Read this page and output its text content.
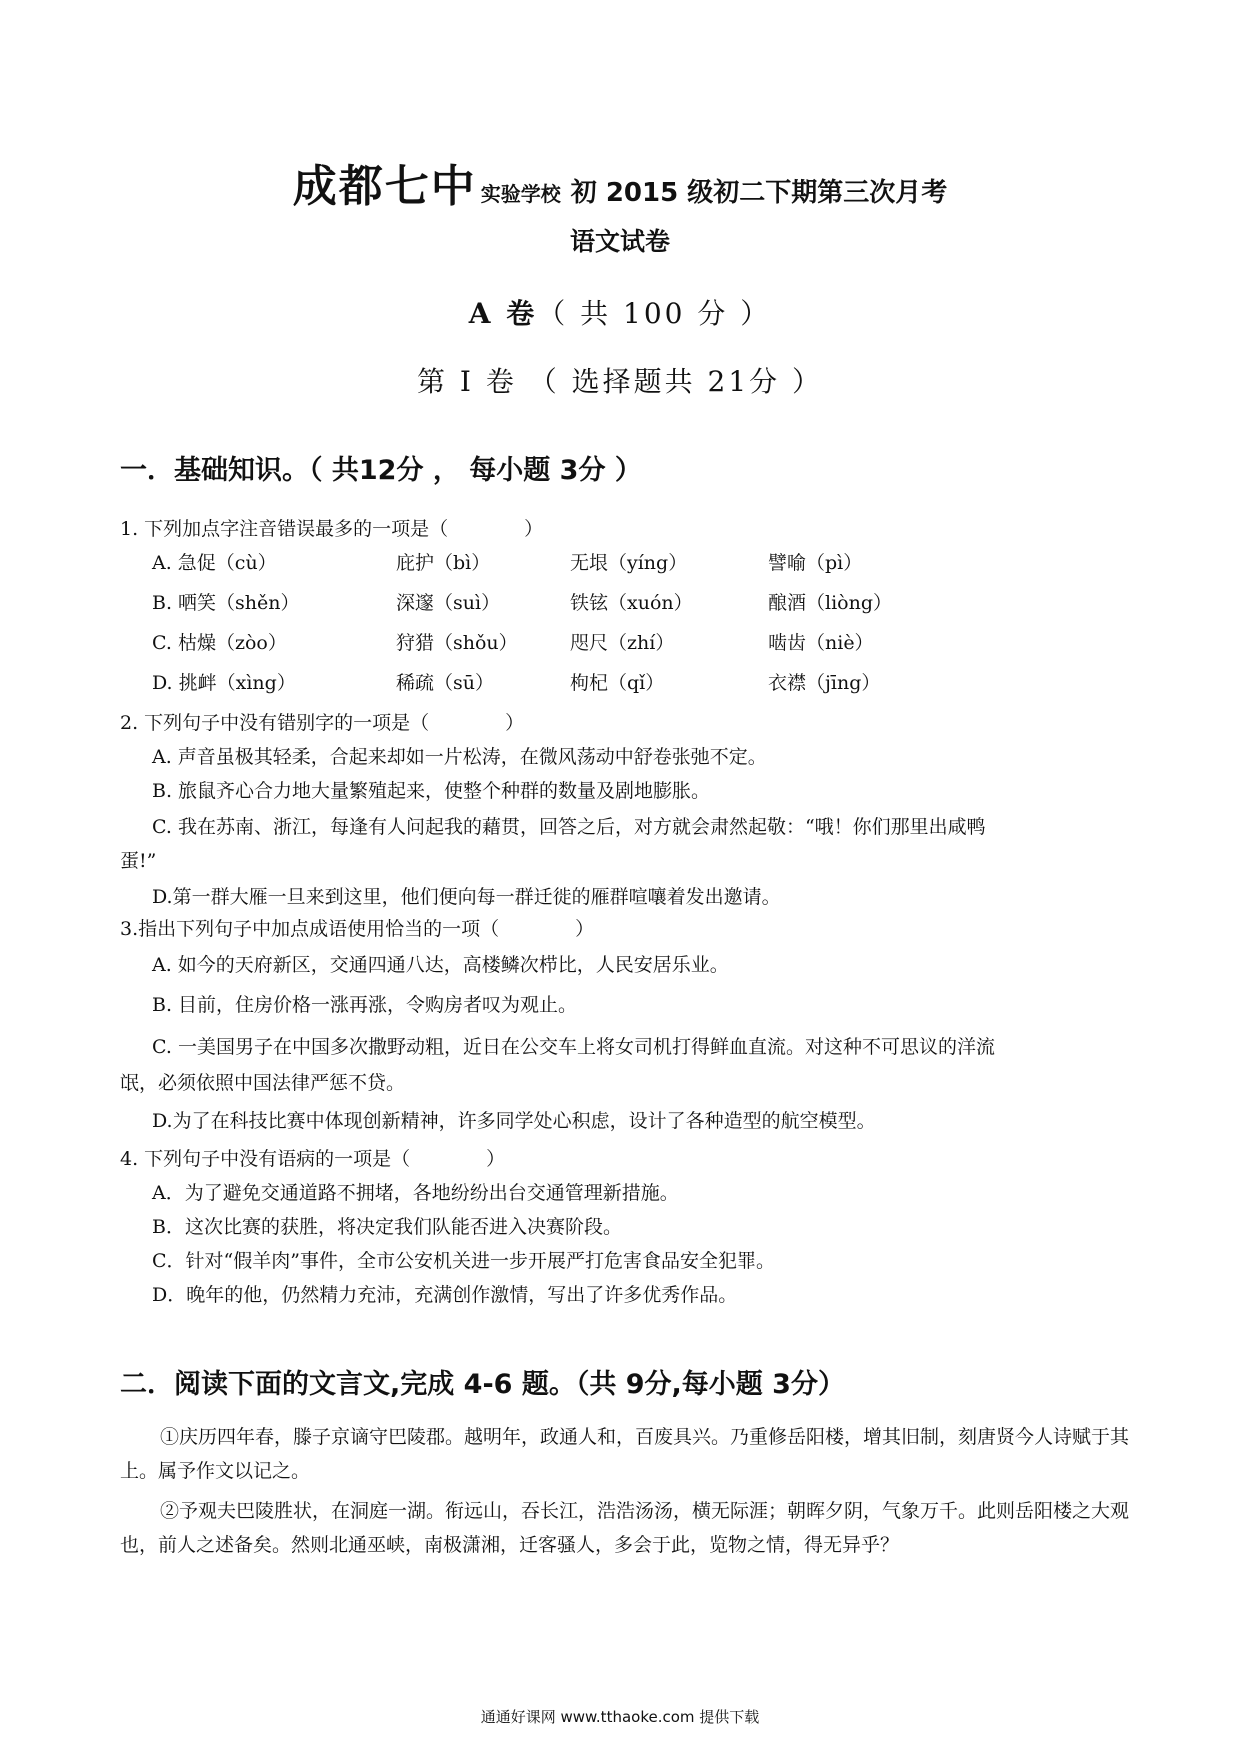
成都七中 实验学校 初 2015 级初二下期第三次月考
语文试卷
A 卷（ 共 100 分 ）
第 I 卷 （ 选择题共 21分 ）
一．基础知识。（ 共12分 ， 每小题 3分 ）
1. 下列加点字注音错误最多的一项是（　　　　）
A. 急促（cù）	庇护（bì）	无垠（yíng）	譬喻（pì）
B. 哂笑（shěn）	深邃（suì）	铁铉（xuón）	酿酒（liòng）
C. 枯燥（zòo）	狩猎（shǒu）	咫尺（zhí）	啮齿（niè）
D. 挑衅（xìng）	稀疏（sū）	枸杞（qǐ）	衣襟（jīng）
2. 下列句子中没有错别字的一项是（　　　　）
A. 声音虽极其轻柔，合起来却如一片松涛，在微风荡动中舒卷张弛不定。
B. 旅鼠齐心合力地大量繁殖起来，使整个种群的数量及剧地膨胀。
C. 我在苏南、浙江，每逢有人问起我的藉贯，回答之后，对方就会肃然起敬：“哦！你们那里出咸鸭
蛋!”
D.第一群大雁一旦来到这里，他们便向每一群迁徙的雁群喧嚷着发出邀请。
3.指出下列句子中加点成语使用恰当的一项（　　　　）
A. 如今的天府新区，交通四通八达，高楼鳞次栉比，人民安居乐业。
B. 目前，住房价格一涨再涨，令购房者叹为观止。
C. 一美国男子在中国多次撒野动粗，近日在公交车上将女司机打得鲜血直流。对这种不可思议的洋流
氓，必须依照中国法律严惩不贷。
D.为了在科技比赛中体现创新精神，许多同学处心积虑，设计了各种造型的航空模型。
4. 下列句子中没有语病的一项是（　　　　）
A．为了避免交通道路不拥堵，各地纷纷出台交通管理新措施。
B．这次比赛的获胜，将决定我们队能否进入决赛阶段。
C．针对“假羊肉”事件，全市公安机关进一步开展严打危害食品安全犯罪。
D．晚年的他，仍然精力充沛，充满创作激情，写出了许多优秀作品。
二．阅读下面的文言文,完成 4-6 题。（共 9分,每小题 3分）
①庆历四年春，滕子京谪守巴陵郡。越明年，政通人和，百废具兴。乃重修岳阳楼，增其旧制，刻唐贤今人诗赋于其上。属予作文以记之。
②予观夫巴陵胜状，在洞庭一湖。衔远山，吞长江，浩浩汤汤，横无际涯；朝晖夕阴，气象万千。此则岳阳楼之大观也，前人之述备矣。然则北通巫峡，南极潇湘，迁客骚人，多会于此，览物之情，得无异乎？
通通好课网 www.tthaoke.com 提供下载
